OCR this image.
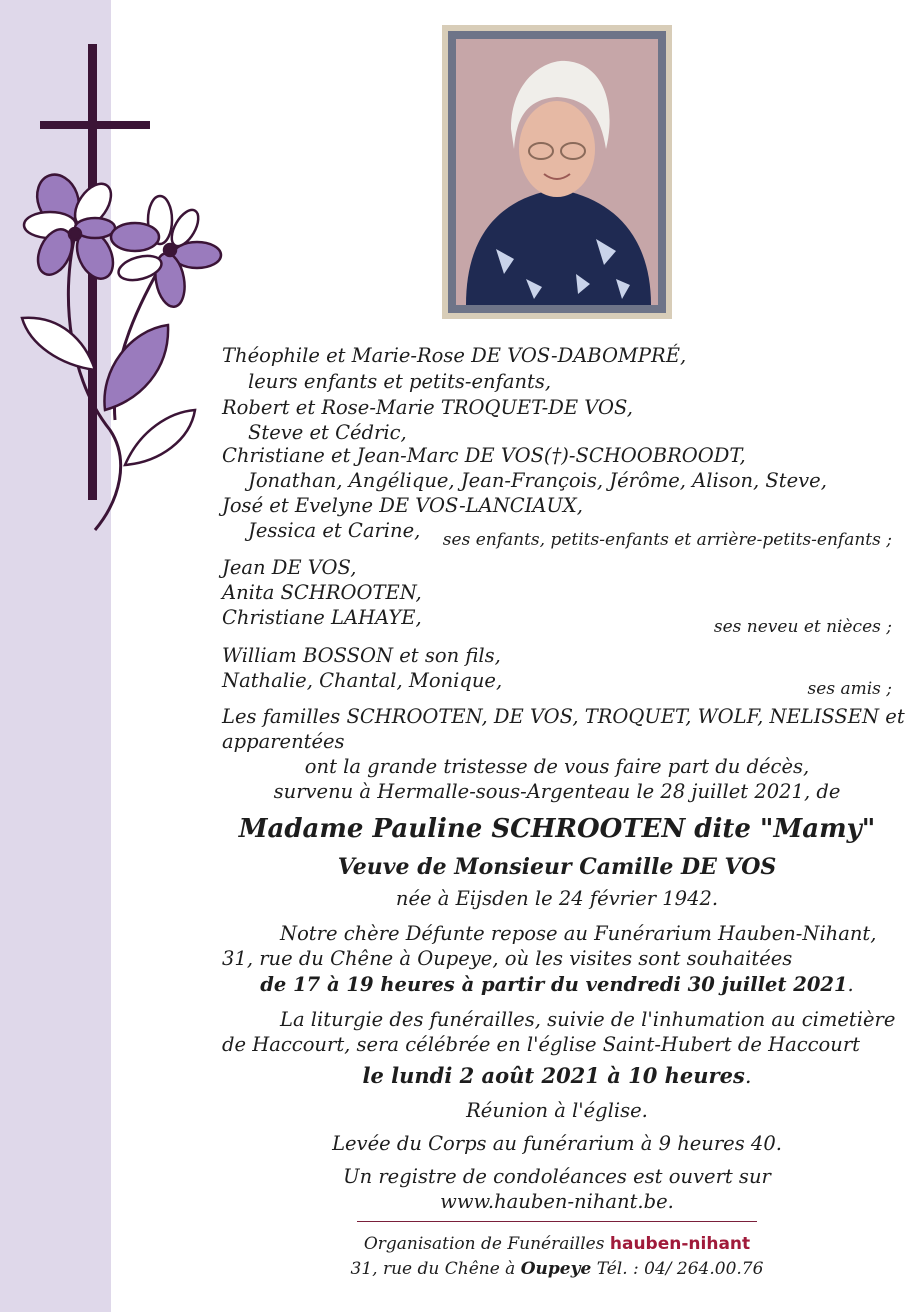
Théophile et Marie-Rose DE VOS-DABOMPRÉ,
leurs enfants et petits-enfants,
Robert et Rose-Marie TROQUET-DE VOS,
Steve et Cédric,
Christiane et Jean-Marc DE VOS(†)-SCHOOBROODT,
Jonathan, Angélique, Jean-François, Jérôme, Alison, Steve,
José et Evelyne DE VOS-LANCIAUX,
Jessica et Carine, ses enfants, petits-enfants et arrière-petits-enfants ;
Jean DE VOS,
Anita SCHROOTEN,
Christiane LAHAYE,	ses neveu et nièces ;
William BOSSON et son fils,
Nathalie, Chantal, Monique,	ses amis ;
Les familles SCHROOTEN, DE VOS, TROQUET, WOLF, NELISSEN et
apparentées
ont la grande tristesse de vous faire part du décès,
survenu à Hermalle-sous-Argenteau le 28 juillet 2021, de
Madame Pauline SCHROOTEN dite "Mamy"
Veuve de Monsieur Camille DE VOS
née à Eijsden le 24 février 1942.
Notre chère Défunte repose au Funérarium Hauben-Nihant,
31, rue du Chêne à Oupeye, où les visites sont souhaitées
de 17 à 19 heures à partir du vendredi 30 juillet 2021.
La liturgie des funérailles, suivie de l'inhumation au cimetière
de Haccourt, sera célébrée en l'église Saint-Hubert de Haccourt
le lundi 2 août 2021 à 10 heures.
Réunion à l'église.
Levée du Corps au funérarium à 9 heures 40.
Un registre de condoléances est ouvert sur
www.hauben-nihant.be.
Organisation de Funérailles hauben-nihant
31, rue du Chêne à Oupeye Tél. : 04/ 264.00.76
